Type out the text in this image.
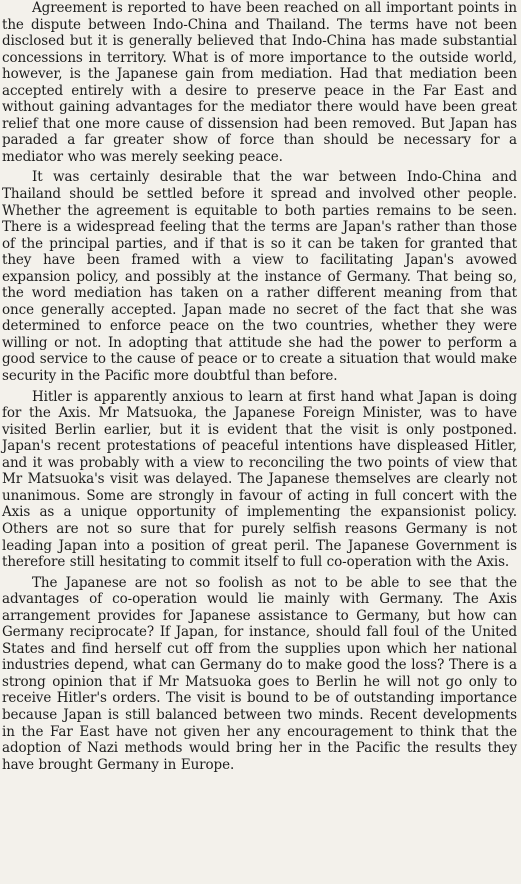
Agreement is reported to have been reached on all important points in the dispute between Indo-China and Thailand. The terms have not been disclosed but it is generally believed that Indo-China has made substantial concessions in territory. What is of more importance to the outside world, however, is the Japanese gain from mediation. Had that mediation been accepted entirely with a desire to preserve peace in the Far East and without gaining advantages for the mediator there would have been great relief that one more cause of dissension had been removed. But Japan has paraded a far greater show of force than should be necessary for a mediator who was merely seeking peace.

It was certainly desirable that the war between Indo-China and Thailand should be settled before it spread and involved other people. Whether the agreement is equitable to both parties remains to be seen. There is a widespread feeling that the terms are Japan's rather than those of the principal parties, and if that is so it can be taken for granted that they have been framed with a view to facilitating Japan's avowed expansion policy, and possibly at the instance of Germany. That being so, the word mediation has taken on a rather different meaning from that once generally accepted. Japan made no secret of the fact that she was determined to enforce peace on the two countries, whether they were willing or not. In adopting that attitude she had the power to perform a good service to the cause of peace or to create a situation that would make security in the Pacific more doubtful than before.

Hitler is apparently anxious to learn at first hand what Japan is doing for the Axis. Mr Matsuoka, the Japanese Foreign Minister, was to have visited Berlin earlier, but it is evident that the visit is only postponed. Japan's recent protestations of peaceful intentions have displeased Hitler, and it was probably with a view to reconciling the two points of view that Mr Matsuoka's visit was delayed. The Japanese themselves are clearly not unanimous. Some are strongly in favour of acting in full concert with the Axis as a unique opportunity of implementing the expansionist policy. Others are not so sure that for purely selfish reasons Germany is not leading Japan into a position of great peril. The Japanese Government is therefore still hesitating to commit itself to full co-operation with the Axis.

The Japanese are not so foolish as not to be able to see that the advantages of co-operation would lie mainly with Germany. The Axis arrangement provides for Japanese assistance to Germany, but how can Germany reciprocate? If Japan, for instance, should fall foul of the United States and find herself cut off from the supplies upon which her national industries depend, what can Germany do to make good the loss? There is a strong opinion that if Mr Matsuoka goes to Berlin he will not go only to receive Hitler's orders. The visit is bound to be of outstanding importance because Japan is still balanced between two minds. Recent developments in the Far East have not given her any encouragement to think that the adoption of Nazi methods would bring her in the Pacific the results they have brought Germany in Europe.
